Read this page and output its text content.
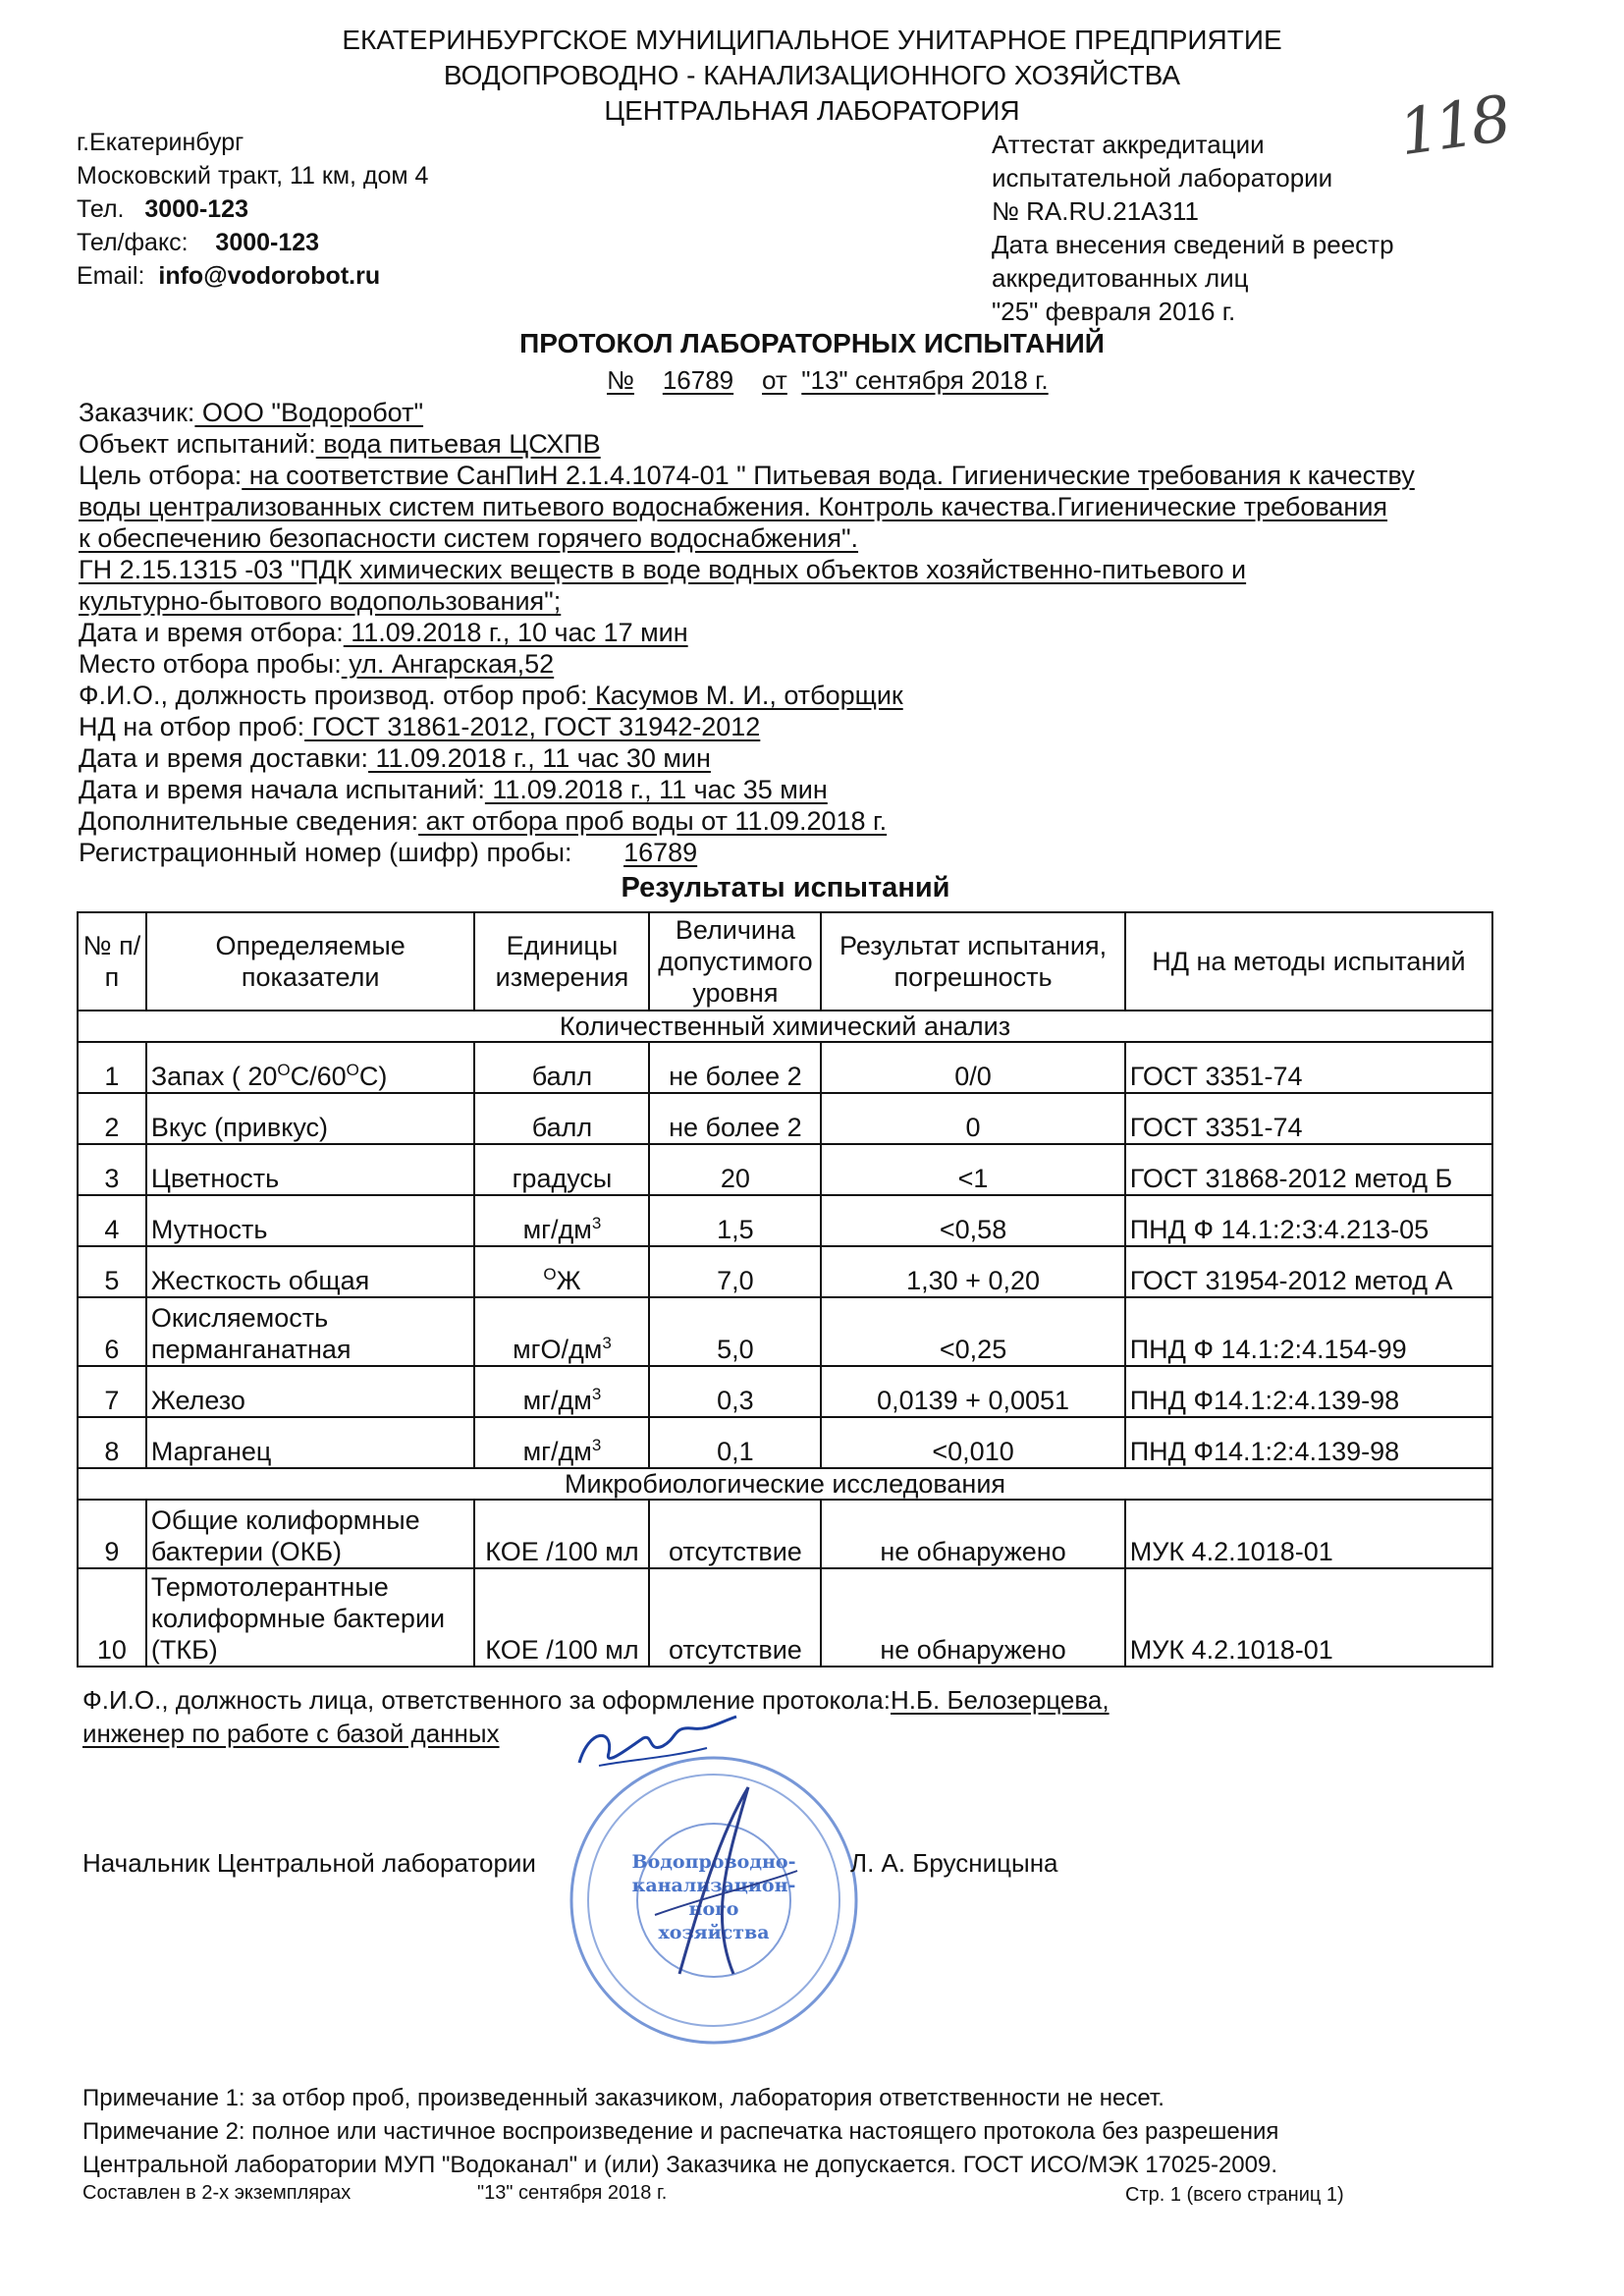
ЕКАТЕРИНБУРГСКОЕ МУНИЦИПАЛЬНОЕ УНИТАРНОЕ ПРЕДПРИЯТИЕ
ВОДОПРОВОДНО - КАНАЛИЗАЦИОННОГО ХОЗЯЙСТВА
ЦЕНТРАЛЬНАЯ ЛАБОРАТОРИЯ	118
г.Екатеринбург
Московский тракт, 11 км, дом 4
Тел. 3000-123
Тел/факс: 3000-123
Email: info@vodorobot.ru
Аттестат аккредитации
испытательной лаборатории
№ RA.RU.21A311
Дата внесения сведений в реестр
аккредитованных лиц
"25" февраля 2016 г.
ПРОТОКОЛ ЛАБОРАТОРНЫХ ИСПЫТАНИЙ
№ 16789 от "13" сентября 2018 г.
Заказчик: ООО "Водоробот"
Объект испытаний: вода питьевая ЦСХПВ
Цель отбора: на соответствие СанПиН 2.1.4.1074-01 " Питьевая вода. Гигиенические требования к качеству
воды централизованных систем питьевого водоснабжения. Контроль качества.Гигиенические требования
к обеспечению безопасности систем горячего водоснабжения".
ГН 2.15.1315 -03 "ПДК химических веществ в воде водных объектов хозяйственно-питьевого и
культурно-бытового водопользования";
Дата и время отбора: 11.09.2018 г., 10 час 17 мин
Место отбора пробы: ул. Ангарская,52
Ф.И.О., должность производ. отбор проб: Касумов М. И., отборщик
НД на отбор проб: ГОСТ 31861-2012, ГОСТ 31942-2012
Дата и время доставки: 11.09.2018 г., 11 час 30 мин
Дата и время начала испытаний: 11.09.2018 г., 11 час 35 мин
Дополнительные сведения: акт отбора проб воды от 11.09.2018 г.
Регистрационный номер (шифр) пробы: 16789
Результаты испытаний
№ п/п	Определяемые показатели	Единицы измерения	Величина допустимого уровня	Результат испытания, погрешность	НД на методы испытаний
Количественный химический анализ					
1	Запах ( $20^ОС/60^ОС$)	балл	не более 2	0/0	ГОСТ 3351-74
2	Вкус (привкус)	балл	не более 2	0	ГОСТ 3351-74
3	Цветность	градусы	20	<1	ГОСТ 31868-2012 метод Б
4	Мутность	$мг/дм^3$	1,5	<0,58	ПНД Ф 14.1:2:3:4.213-05
5	Жесткость общая	$^О$Ж	7,0	1,30 + 0,20	ГОСТ 31954-2012 метод А
6	Окисляемость
перманганатная	мгО/$дм^3$	5,0	<0,25	ПНД Ф 14.1:2:4.154-99
7	Железо	$мг/дм^3$	0,3	0,0139 + 0,0051	ПНД Ф14.1:2:4.139-98
8	Марганец	$мг/дм^3$	0,1	<0,010	ПНД Ф14.1:2:4.139-98
Микробиологические исследования					
9	Общие колиформные
бактерии (ОКБ)	КОЕ /100 мл	отсутствие	не обнаружено	МУК 4.2.1018-01
10	Термотолерантные
колиформные бактерии
(ТКБ)	КОЕ /100 мл	отсутствие	не обнаружено	МУК 4.2.1018-01
Ф.И.О., должность лица, ответственного за оформление протокола:Н.Б. Белозерцева,
инженер по работе с базой данных
Водопроводно-
канализацион-
ного
хозяйства
Начальник Центральной лаборатории	Л. А. Брусницына
Примечание 1: за отбор проб, произведенный заказчиком, лаборатория ответственности не несет.
Примечание 2: полное или частичное воспроизведение и распечатка настоящего протокола без разрешения
Центральной лаборатории МУП "Водоканал" и (или) Заказчика не допускается. ГОСТ ИСО/МЭК 17025-2009.
Составлен в 2-х экземплярах	"13" сентября 2018 г.	Стр. 1 (всего страниц 1)
